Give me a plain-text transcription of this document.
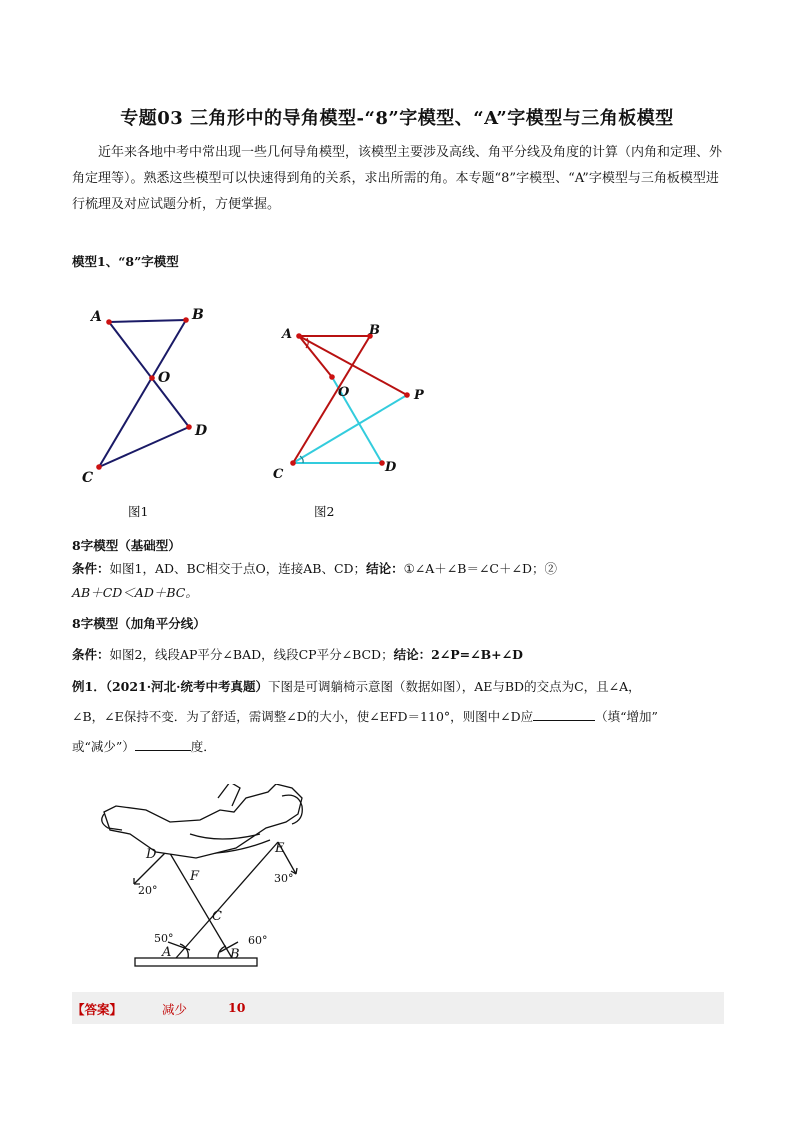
专题03 三角形中的导角模型-“8”字模型、“A”字模型与三角板模型
近年来各地中考中常出现一些几何导角模型，该模型主要涉及高线、角平分线及角度的计算（内角和定理、外角定理等）。熟悉这些模型可以快速得到角的关系，求出所需的角。本专题“8”字模型、“A”字模型与三角板模型进行梳理及对应试题分析，方便掌握。
模型1、“8”字模型
A	B
O
D
C
图1
A	B
O	P
C	D
图2
8字模型（基础型）
条件：如图1，AD、BC相交于点O，连接AB、CD；结论：①∠A＋∠B＝∠C＋∠D；②
AB＋CD＜AD＋BC。
8字模型（加角平分线）
条件：如图2，线段AP平分∠BAD，线段CP平分∠BCD；结论：2∠P=∠B+∠D
例1．（2021·河北·统考中考真题）下图是可调躺椅示意图（数据如图），AE与BD的交点为C，且∠A，
∠B，∠E保持不变．为了舒适，需调整∠D的大小，使∠EFD＝110°，则图中∠D应	（填“增加”
或“减少”）	度．
D	E
F
C
A	B
20°
30°
50°	60°
【答案】	减少	10
